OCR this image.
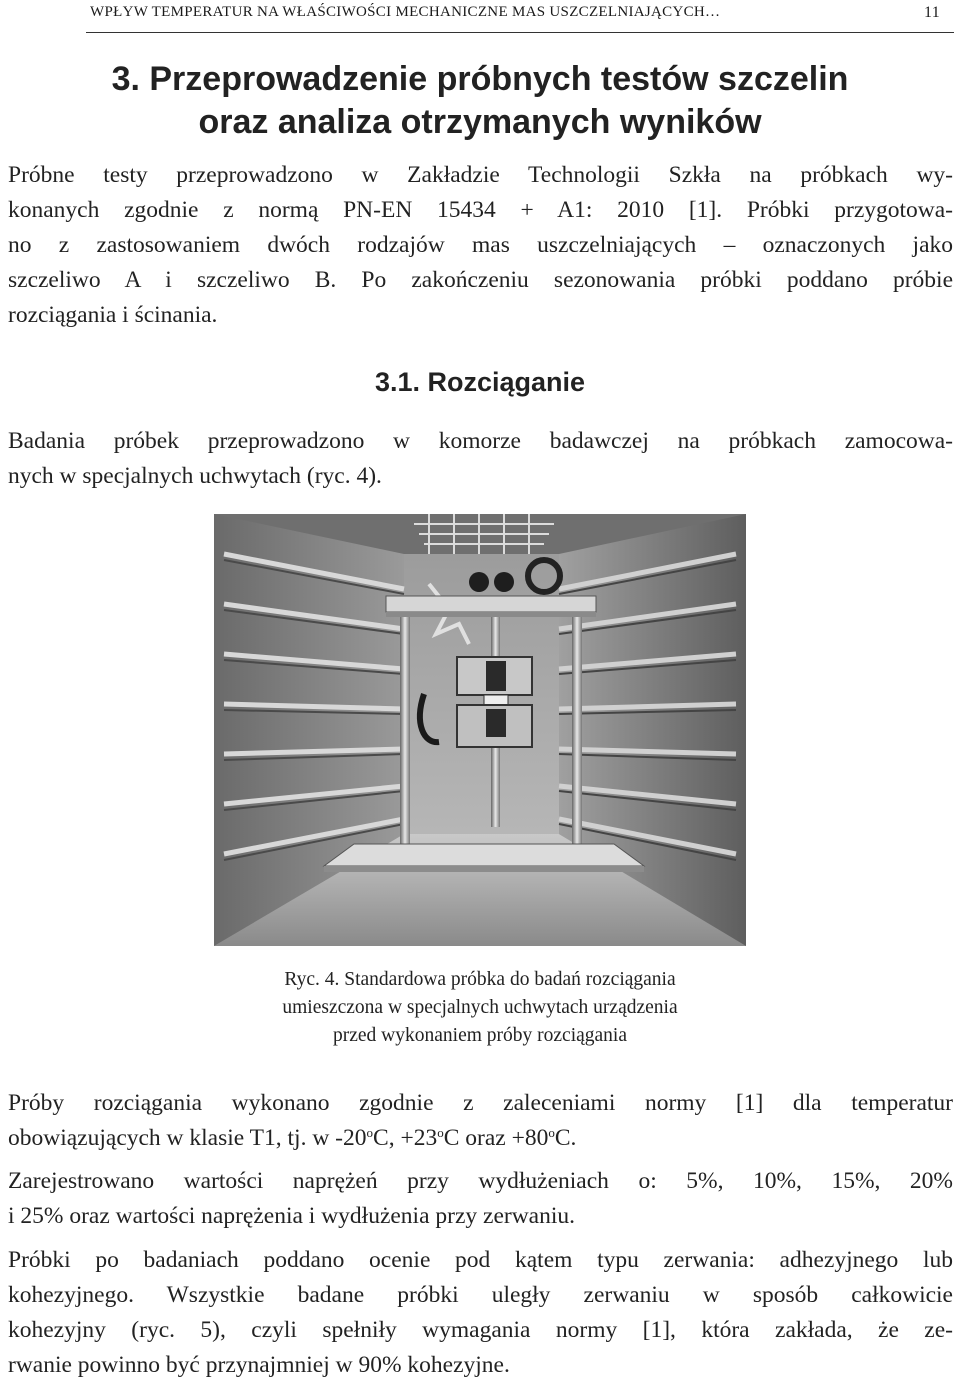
WPŁYW TEMPERATUR NA WŁAŚCIWOŚCI MECHANICZNE MAS USZCZELNIAJĄCYCH…	11
3. Przeprowadzenie próbnych testów szczelin
oraz analiza otrzymanych wyników
Próbne testy przeprowadzono w Zakładzie Technologii Szkła na próbkach wy-
konanych zgodnie z normą PN-EN 15434 + A1: 2010 [1]. Próbki przygotowa-
no z zastosowaniem dwóch rodzajów mas uszczelniających – oznaczonych jako
szczeliwo A i szczeliwo B. Po zakończeniu sezonowania próbki poddano próbie
rozciągania i ścinania.
3.1. Rozciąganie
Badania próbek przeprowadzono w komorze badawczej na próbkach zamocowa-
nych w specjalnych uchwytach (ryc. 4).
Ryc. 4. Standardowa próbka do badań rozciągania
umieszczona w specjalnych uchwytach urządzenia
przed wykonaniem próby rozciągania
Próby rozciągania wykonano zgodnie z zaleceniami normy [1] dla temperatur
obowiązujących w klasie T1, tj. w $-20^oC$, $+23^oC$ oraz $+80^oC$.
Zarejestrowano wartości naprężeń przy wydłużeniach o: 5%, 10%, 15%, 20%
i 25% oraz wartości naprężenia i wydłużenia przy zerwaniu.
Próbki po badaniach poddano ocenie pod kątem typu zerwania: adhezyjnego lub
kohezyjnego. Wszystkie badane próbki uległy zerwaniu w sposób całkowicie
kohezyjny (ryc. 5), czyli spełniły wymagania normy [1], która zakłada, że ze-
rwanie powinno być przynajmniej w 90% kohezyjne.
